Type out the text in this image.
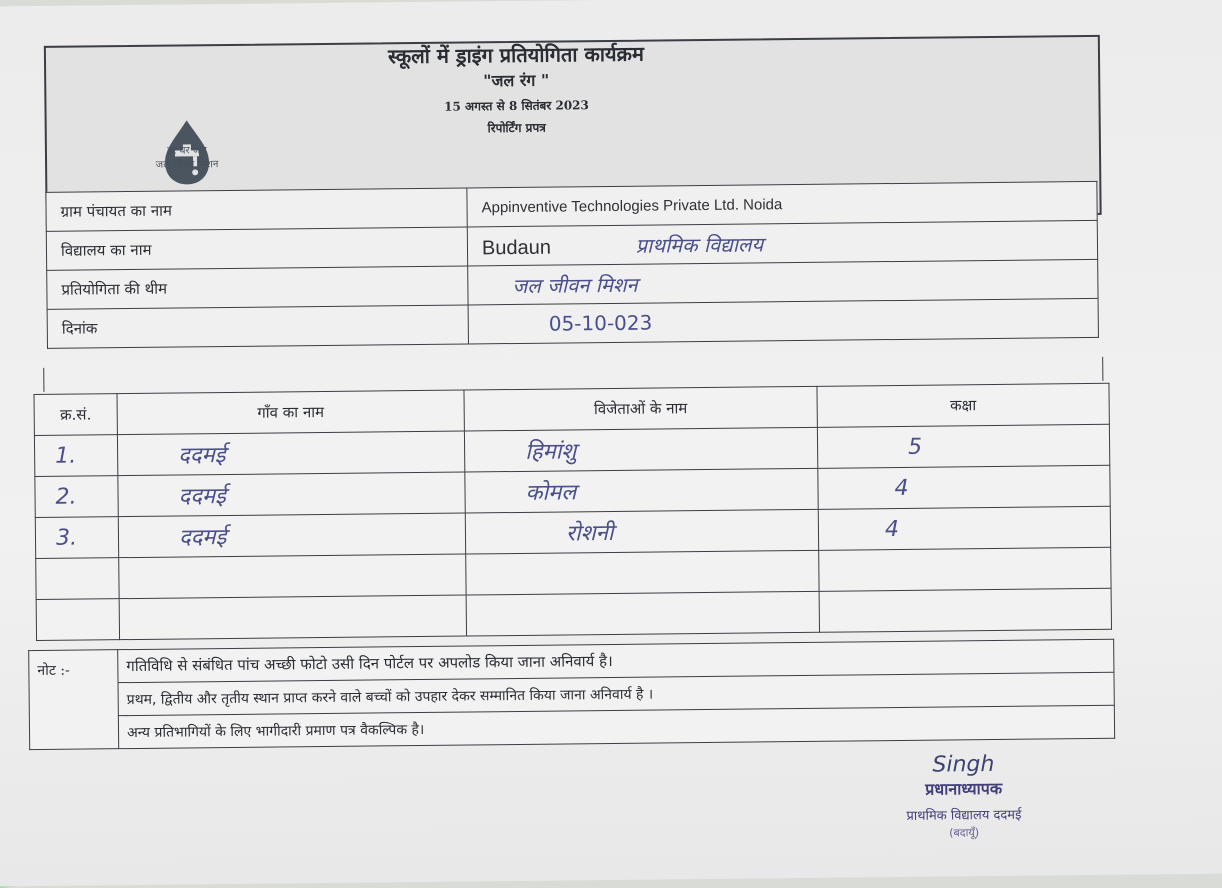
हर घर जल
जल जीवन मिशन
स्कूलों में ड्राइंग प्रतियोगिता कार्यक्रम
"जल रंग "
15 अगस्त से 8 सितंबर 2023
रिपोर्टिंग प्रपत्र
ग्राम पंचायत का नाम	Appinventive Technologies Private Ltd. Noida
विद्यालय का नाम	Budaun प्राथमिक विद्यालय
प्रतियोगिता की थीम	जल जीवन मिशन
दिनांक	05-10-023
क्र.सं.	गाँव का नाम	विजेताओं के नाम	कक्षा
1.	ददमई	हिमांशु	5
2.	ददमई	कोमल	4
3.	ददमई	रोशनी	4

नोट :-	गतिविधि से संबंधित पांच अच्छी फोटो उसी दिन पोर्टल पर अपलोड किया जाना अनिवार्य है।
प्रथम, द्वितीय और तृतीय स्थान प्राप्त करने वाले बच्चों को उपहार देकर सम्मानित किया जाना अनिवार्य है ।
अन्य प्रतिभागियों के लिए भागीदारी प्रमाण पत्र वैकल्पिक है।
Singh
प्रधानाध्यापक
प्राथमिक विद्यालय ददमई
(बदायूँ)
